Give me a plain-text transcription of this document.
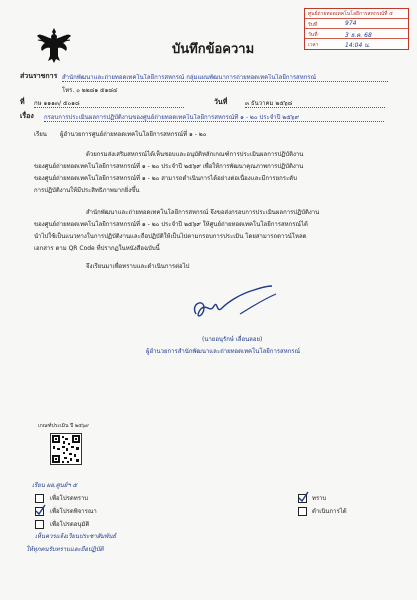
ศูนย์ถ่ายทอดเทคโนโลยีการสหกรณ์ที่ ๕
รับที่	974
วันที่	3 ธ.ค. 68
เวลา	14:04 น.
บันทึกข้อความ
ส่วนราชการ สำนักพัฒนาและถ่ายทอดเทคโนโลยีการสหกรณ์ กลุ่มแผนพัฒนาการถ่ายทอดเทคโนโลยีการสหกรณ์
โทร. ๐ ๒๒๘๑ ๕๑๘๔
ที่ กษ ๑๑๑๓/ ๕๐๑๘	วันที่	๓ ธันวาคม ๒๕๖๘
เรื่อง กรอบการประเมินผลการปฏิบัติงานของศูนย์ถ่ายทอดเทคโนโลยีการสหกรณ์ที่ ๑ - ๒๐ ประจำปี ๒๕๖๙
เรียน ผู้อำนวยการศูนย์ถ่ายทอดเทคโนโลยีการสหกรณ์ที่ ๑ - ๒๐
ด้วยกรมส่งเสริมสหกรณ์ได้เห็นชอบและอนุมัติหลักเกณฑ์การประเมินผลการปฏิบัติงาน
ของศูนย์ถ่ายทอดเทคโนโลยีการสหกรณ์ที่ ๑ - ๒๐ ประจำปี ๒๕๖๙ เพื่อให้การพัฒนาคุณภาพการปฏิบัติงาน
ของศูนย์ถ่ายทอดเทคโนโลยีการสหกรณ์ที่ ๑ - ๒๐ สามารถดำเนินการได้อย่างต่อเนื่องและมีการยกระดับ
การปฏิบัติงานให้มีประสิทธิภาพมากยิ่งขึ้น
สำนักพัฒนาและถ่ายทอดเทคโนโลยีการสหกรณ์ จึงขอส่งกรอบการประเมินผลการปฏิบัติงาน
ของศูนย์ถ่ายทอดเทคโนโลยีการสหกรณ์ที่ ๑ - ๒๐ ประจำปี ๒๕๖๙ ให้ศูนย์ถ่ายทอดเทคโนโลยีการสหกรณ์ได้
นำไปใช้เป็นแนวทางในการปฏิบัติงานและถือปฏิบัติให้เป็นไปตามกรอบการประเมิน โดยสามารถดาวน์โหลด
เอกสาร ตาม QR Code ที่ปรากฏในหนังสือฉบับนี้
จึงเรียนมาเพื่อทราบและดำเนินการต่อไป
(นายอนุรักษ์ เลื่อนลอย)
ผู้อำนวยการสำนักพัฒนาและถ่ายทอดเทคโนโลยีการสหกรณ์
เกณฑ์ประเมิน ปี ๒๕๖๙
เรียน ผอ.ศูนย์ฯ ๕
เพื่อโปรดทราบ
เพื่อโปรดพิจารณา
เพื่อโปรดอนุมัติ
เห็นควรแจ้งเวียนประชาสัมพันธ์
ให้ทุกคนรับทราบและถือปฏิบัติ
ทราบ
ดำเนินการได้
